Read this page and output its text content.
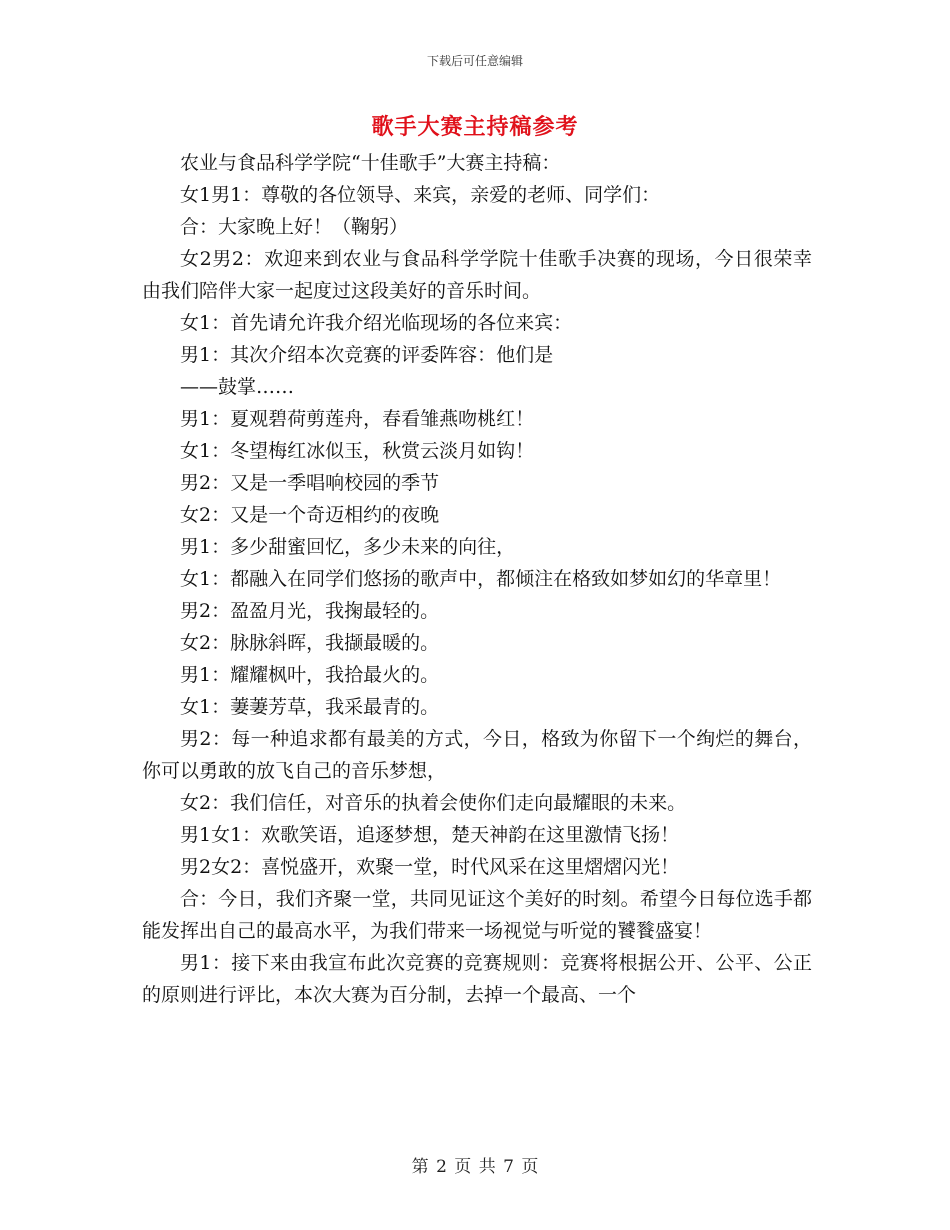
下载后可任意编辑
歌手大赛主持稿参考

农业与食品科学学院“十佳歌手”大赛主持稿：

女1男1：尊敬的各位领导、来宾，亲爱的老师、同学们：

合：大家晚上好！（鞠躬）

女2男2：欢迎来到农业与食品科学学院十佳歌手决赛的现场，今日很荣幸由我们陪伴大家一起度过这段美好的音乐时间。

女1：首先请允许我介绍光临现场的各位来宾：

男1：其次介绍本次竞赛的评委阵容：他们是

——鼓掌……

男1：夏观碧荷剪莲舟，春看雏燕吻桃红！

女1：冬望梅红冰似玉，秋赏云淡月如钩！

男2：又是一季唱响校园的季节

女2：又是一个奇迈相约的夜晚

男1：多少甜蜜回忆，多少未来的向往，

女1：都融入在同学们悠扬的歌声中，都倾注在格致如梦如幻的华章里！

男2：盈盈月光，我掬最轻的。

女2：脉脉斜晖，我撷最暖的。

男1：耀耀枫叶，我拾最火的。

女1：萋萋芳草，我采最青的。

男2：每一种追求都有最美的方式，今日，格致为你留下一个绚烂的舞台，你可以勇敢的放飞自己的音乐梦想，

女2：我们信任，对音乐的执着会使你们走向最耀眼的未来。

男1女1：欢歌笑语，追逐梦想，楚天神韵在这里激情飞扬！

男2女2：喜悦盛开，欢聚一堂，时代风采在这里熠熠闪光！

合：今日，我们齐聚一堂，共同见证这个美好的时刻。希望今日每位选手都能发挥出自己的最高水平，为我们带来一场视觉与听觉的饕餮盛宴！

男1：接下来由我宣布此次竞赛的竞赛规则：竞赛将根据公开、公平、公正的原则进行评比，本次大赛为百分制，去掉一个最高、一个

第 2 页 共 7 页
